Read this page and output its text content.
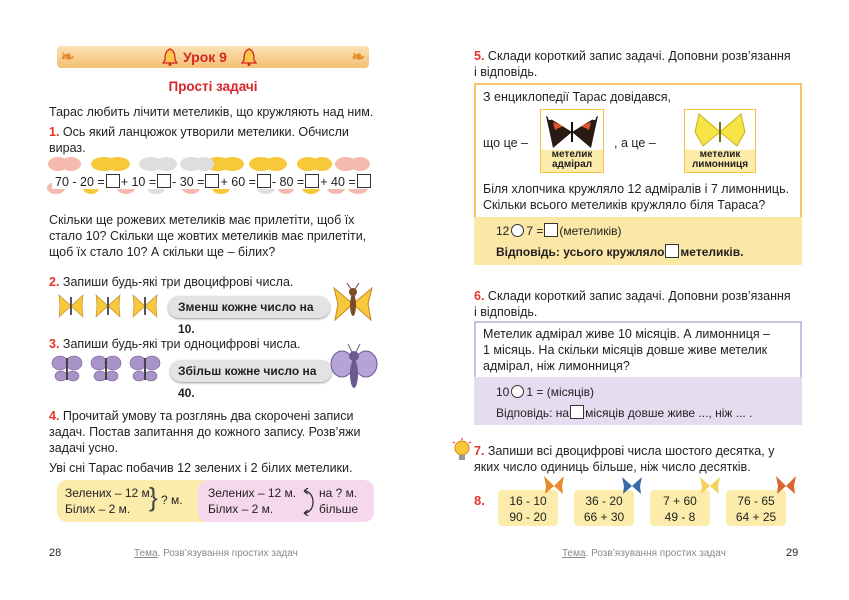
❧	❧
Урок 9
Прості задачі
Тарас любить лічити метеликів, що кружляють над ним.
1. Ось який ланцюжок утворили метелики. Обчисли
вираз.
70 - 20 = + 10 = - 30 = + 60 = - 80 = + 40 =
Скільки ще рожевих метеликів має прилетіти, щоб їх
стало 10? Скільки ще жовтих метеликів має прилетіти,
щоб їх стало 10? А скільки ще – білих?
2. Запиши будь-які три двоцифрові числа.
Зменш кожне число на 10.
3. Запиши будь-які три одноцифрові числа.
Збільш кожне число на 40.
4. Прочитай умову та розглянь два скорочені записи
задач. Постав запитання до кожного запису. Розв’яжи
задачі усно.
Уві сні Тарас побачив 12 зелених і 2 білих метелики.
Зелених – 12 м.
Білих – 2 м. } ? м. Зелених – 12 м.
Білих – 2 м.
на ? м.
більше
28	Тема. Розв’язування простих задач
5. Склади короткий запис задачі. Доповни розв’язання
і відповідь.
З енциклопедії Тарас довідався,
що це –
метелик
адмірал
, а це –
метелик
лимонниця
Біля хлопчика кружляло 12 адміралів і 7 лимонниць.
Скільки всього метеликів кружляло біля Тараса?
12 7 = (метеликів)
Відповідь: усього кружляло метеликів.
6. Склади короткий запис задачі. Доповни розв’язання
і відповідь.
Метелик адмірал живе 10 місяців. А лимонниця –
1 місяць. На скільки місяців довше живе метелик
адмірал, ніж лимонниця?
10 1 = (місяців)
Відповідь: на місяців довше живе ..., ніж ... .
7. Запиши всі двоцифрові числа шостого десятка, у
яких число одиниць більше, ніж число десятків.
8.	16 - 10
90 - 20
36 - 20
66 + 30
7 + 60
49 - 8
76 - 65
64 + 25
29
Тема. Розв’язування простих задач
